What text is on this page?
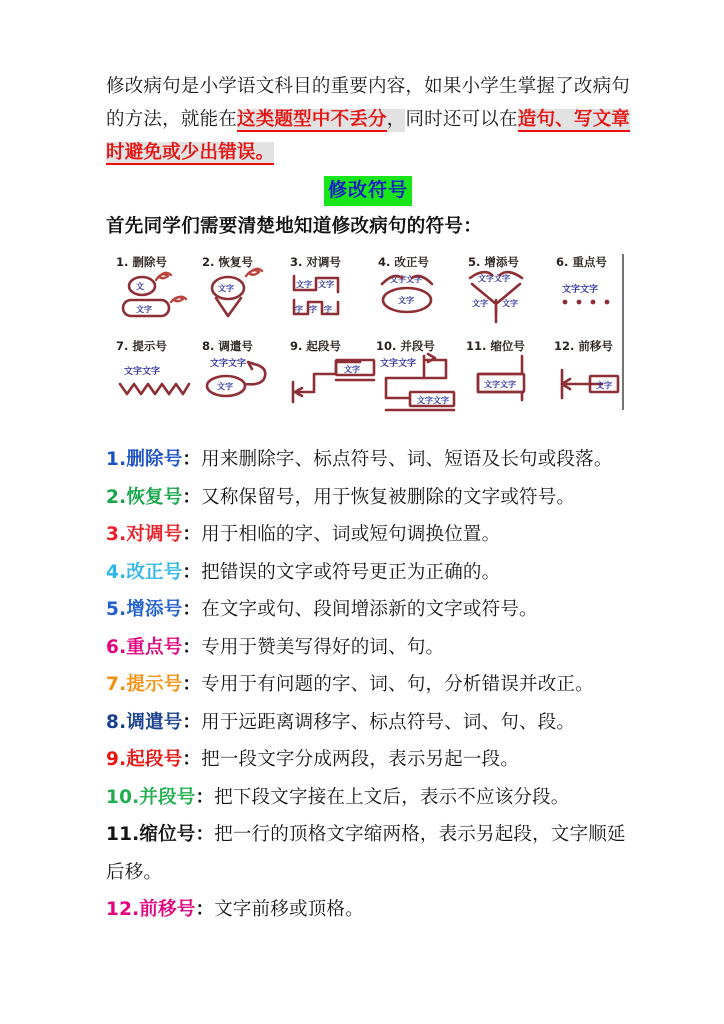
修改病句是小学语文科目的重要内容，如果小学生掌握了改病句的方法，就能在这类题型中不丢分，同时还可以在造句、写文章时避免或少出错误。

修改符号
首先同学们需要清楚地知道修改病句的符号：
1. 删除号
文
文字
2. 恢复号
文字
3. 对调号
文字 文字
字 字 字
4. 改正号
文字文字
文字
5. 增添号
文字文字
文字 文字
6. 重点号
文字文字
7. 提示号
文字文字
8. 调遣号
文字文字
文字
9. 起段号
文字
10. 并段号
文字文字
文字文字
11. 缩位号
文字文字
12. 前移号
文字
1.删除号：用来删除字、标点符号、词、短语及长句或段落。
2.恢复号：又称保留号，用于恢复被删除的文字或符号。
3.对调号：用于相临的字、词或短句调换位置。
4.改正号：把错误的文字或符号更正为正确的。
5.增添号：在文字或句、段间增添新的文字或符号。
6.重点号：专用于赞美写得好的词、句。
7.提示号：专用于有问题的字、词、句，分析错误并改正。
8.调遣号：用于远距离调移字、标点符号、词、句、段。
9.起段号：把一段文字分成两段，表示另起一段。
10.并段号：把下段文字接在上文后，表示不应该分段。
11.缩位号：把一行的顶格文字缩两格，表示另起段，文字顺延后移。
12.前移号：文字前移或顶格。
